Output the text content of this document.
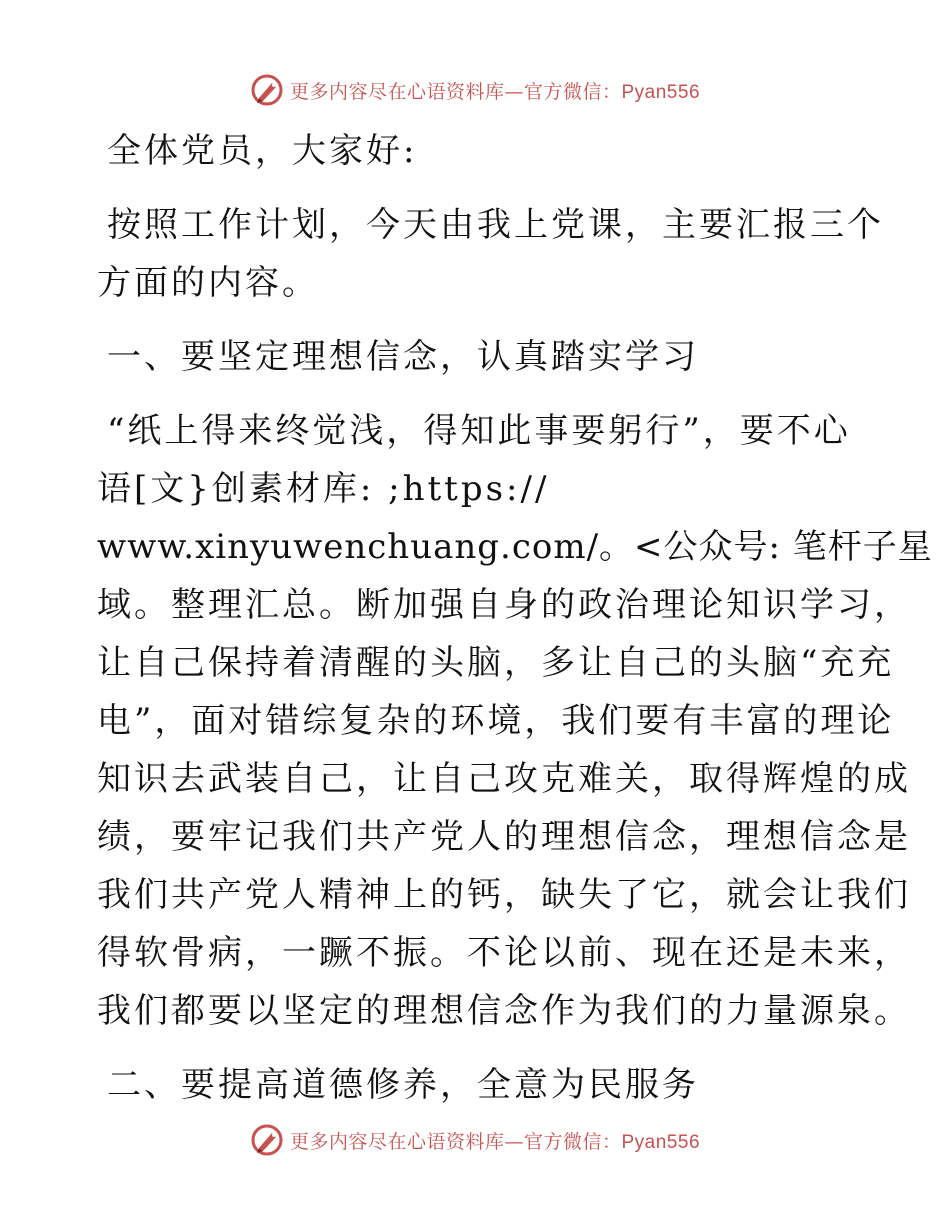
更多内容尽在心语资料库—官方微信：Pyan556
全体党员，大家好:
按照工作计划，今天由我上党课，主要汇报三个
方面的内容。
一、要坚定理想信念，认真踏实学习
“纸上得来终觉浅，得知此事要躬行”，要不心
语[文}创素材库: ;https://
www.xinyuwenchuang.com/。<公众号: 笔杆子星
域。整理汇总。断加强自身的政治理论知识学习，
让自己保持着清醒的头脑，多让自己的头脑“充充
电”，面对错综复杂的环境，我们要有丰富的理论
知识去武装自己，让自己攻克难关，取得辉煌的成
绩，要牢记我们共产党人的理想信念，理想信念是
我们共产党人精神上的钙，缺失了它，就会让我们
得软骨病，一蹶不振。不论以前、现在还是未来，
我们都要以坚定的理想信念作为我们的力量源泉。
二、要提高道德修养，全意为民服务
更多内容尽在心语资料库—官方微信：Pyan556
